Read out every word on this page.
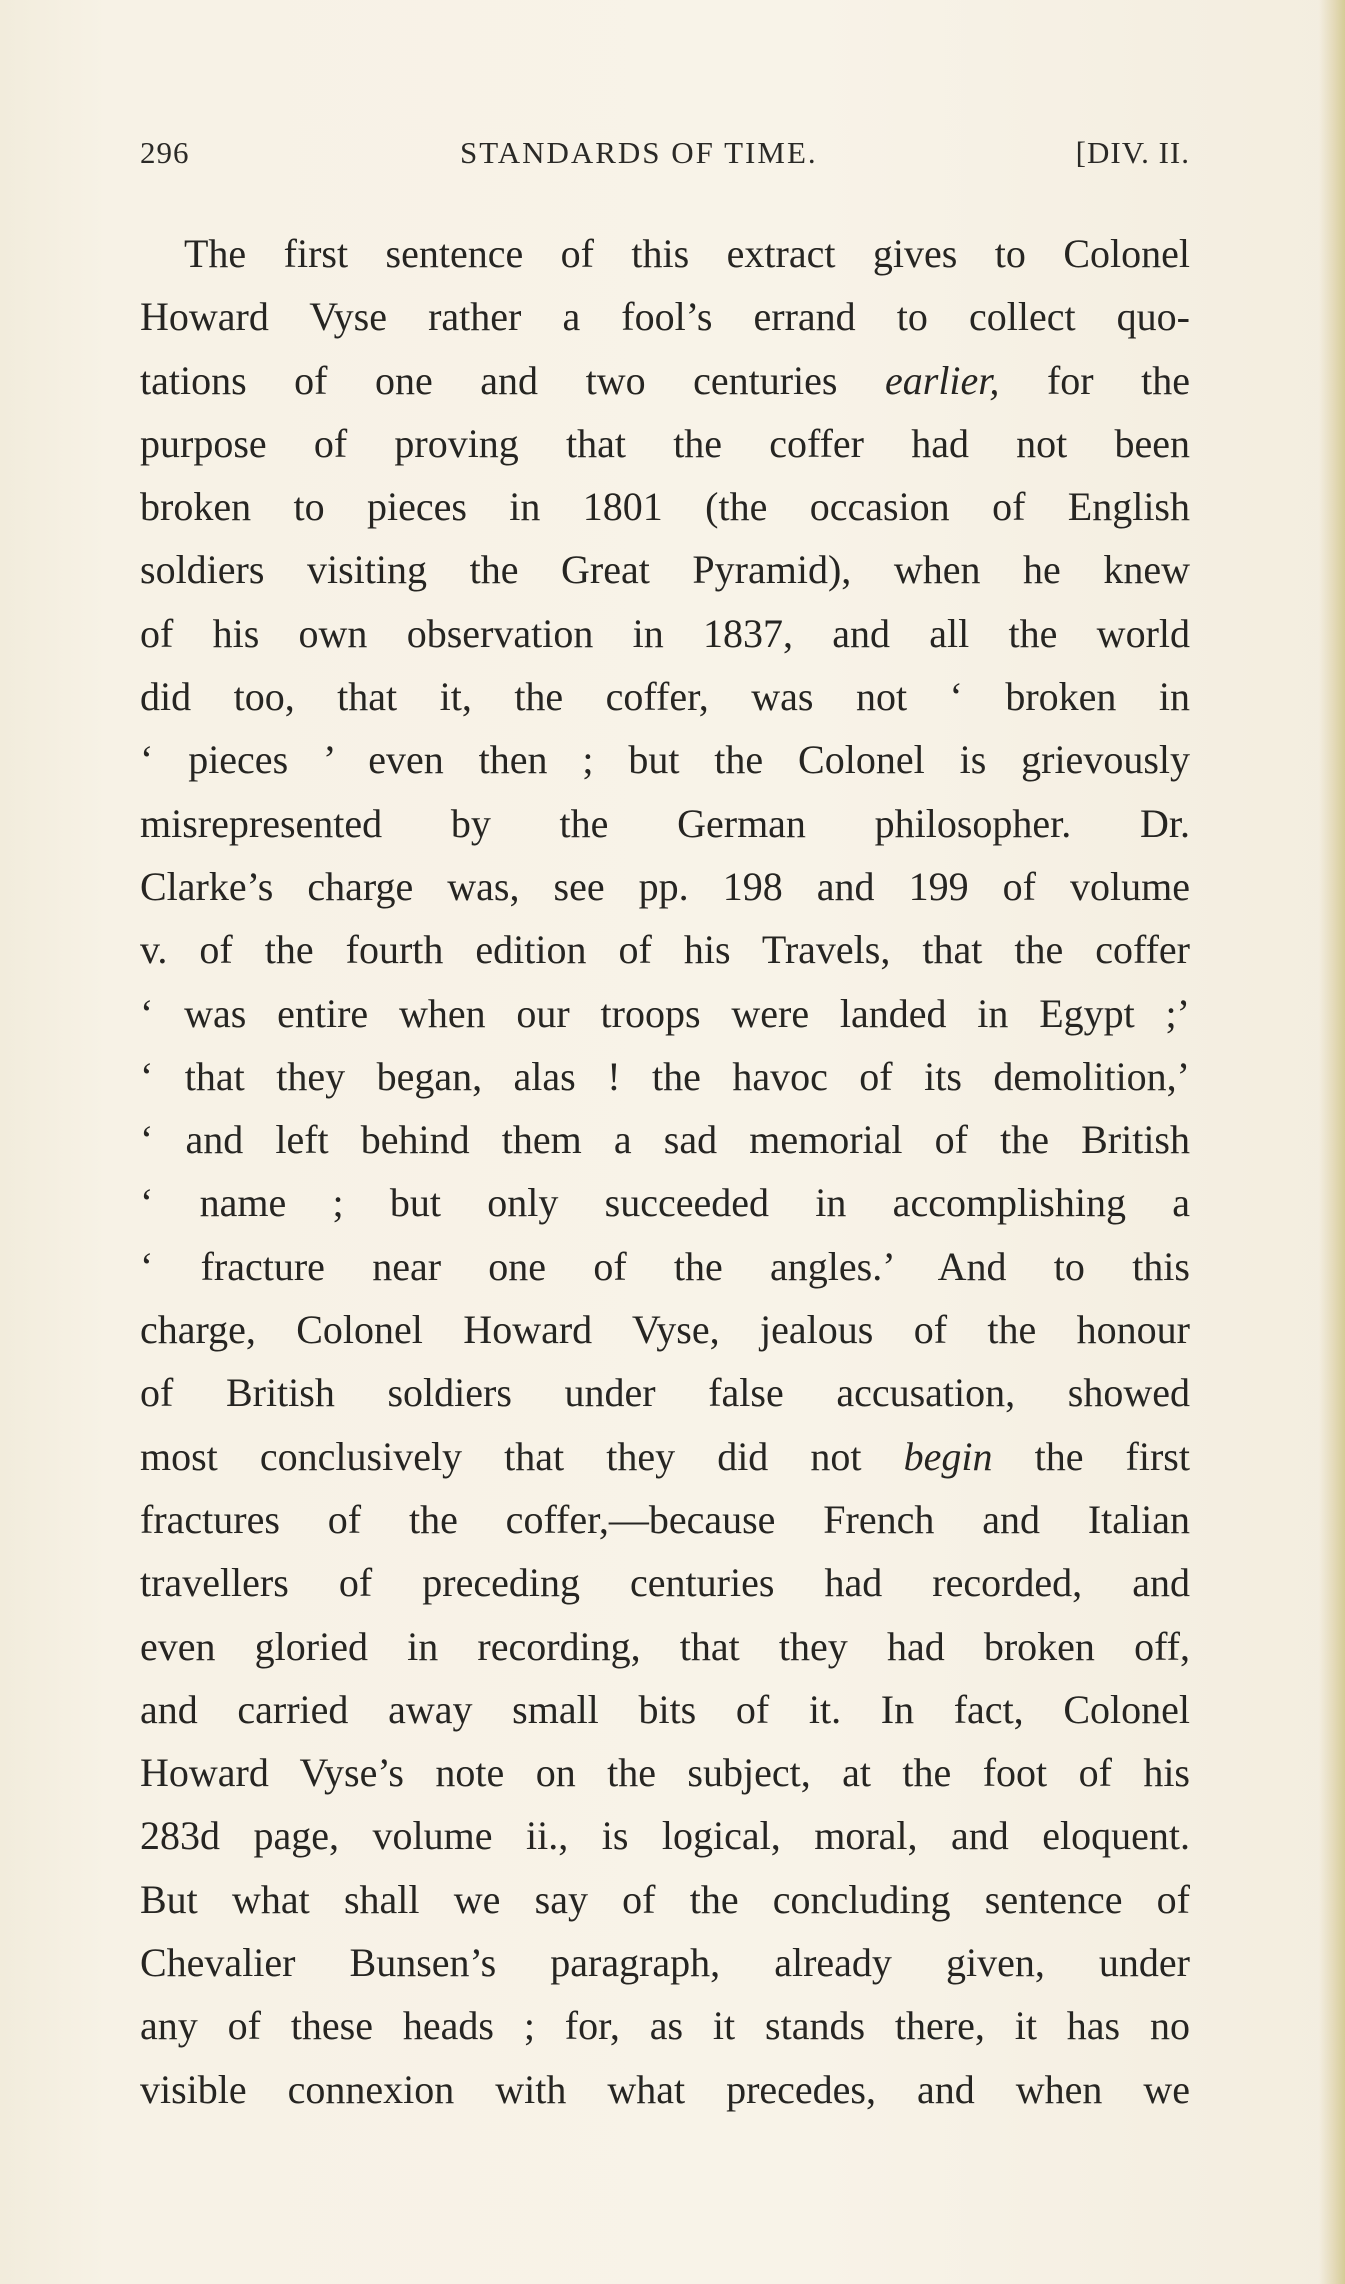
296	STANDARDS OF TIME.	[DIV. II.
The first sentence of this extract gives to Colonel
Howard Vyse rather a fool’s errand to collect quo-
tations of one and two centuries earlier, for the
purpose of proving that the coffer had not been
broken to pieces in 1801 (the occasion of English
soldiers visiting the Great Pyramid), when he knew
of his own observation in 1837, and all the world
did too, that it, the coffer, was not ‘ broken in
‘ pieces ’ even then ; but the Colonel is grievously
misrepresented by the German philosopher. Dr.
Clarke’s charge was, see pp. 198 and 199 of volume
v. of the fourth edition of his Travels, that the coffer
‘ was entire when our troops were landed in Egypt ;’
‘ that they began, alas ! the havoc of its demolition,’
‘ and left behind them a sad memorial of the British
‘ name ; but only succeeded in accomplishing a
‘ fracture near one of the angles.’ And to this
charge, Colonel Howard Vyse, jealous of the honour
of British soldiers under false accusation, showed
most conclusively that they did not begin the first
fractures of the coffer,—because French and Italian
travellers of preceding centuries had recorded, and
even gloried in recording, that they had broken off,
and carried away small bits of it. In fact, Colonel
Howard Vyse’s note on the subject, at the foot of his
283d page, volume ii., is logical, moral, and eloquent.
But what shall we say of the concluding sentence of
Chevalier Bunsen’s paragraph, already given, under
any of these heads ; for, as it stands there, it has no
visible connexion with what precedes, and when we
